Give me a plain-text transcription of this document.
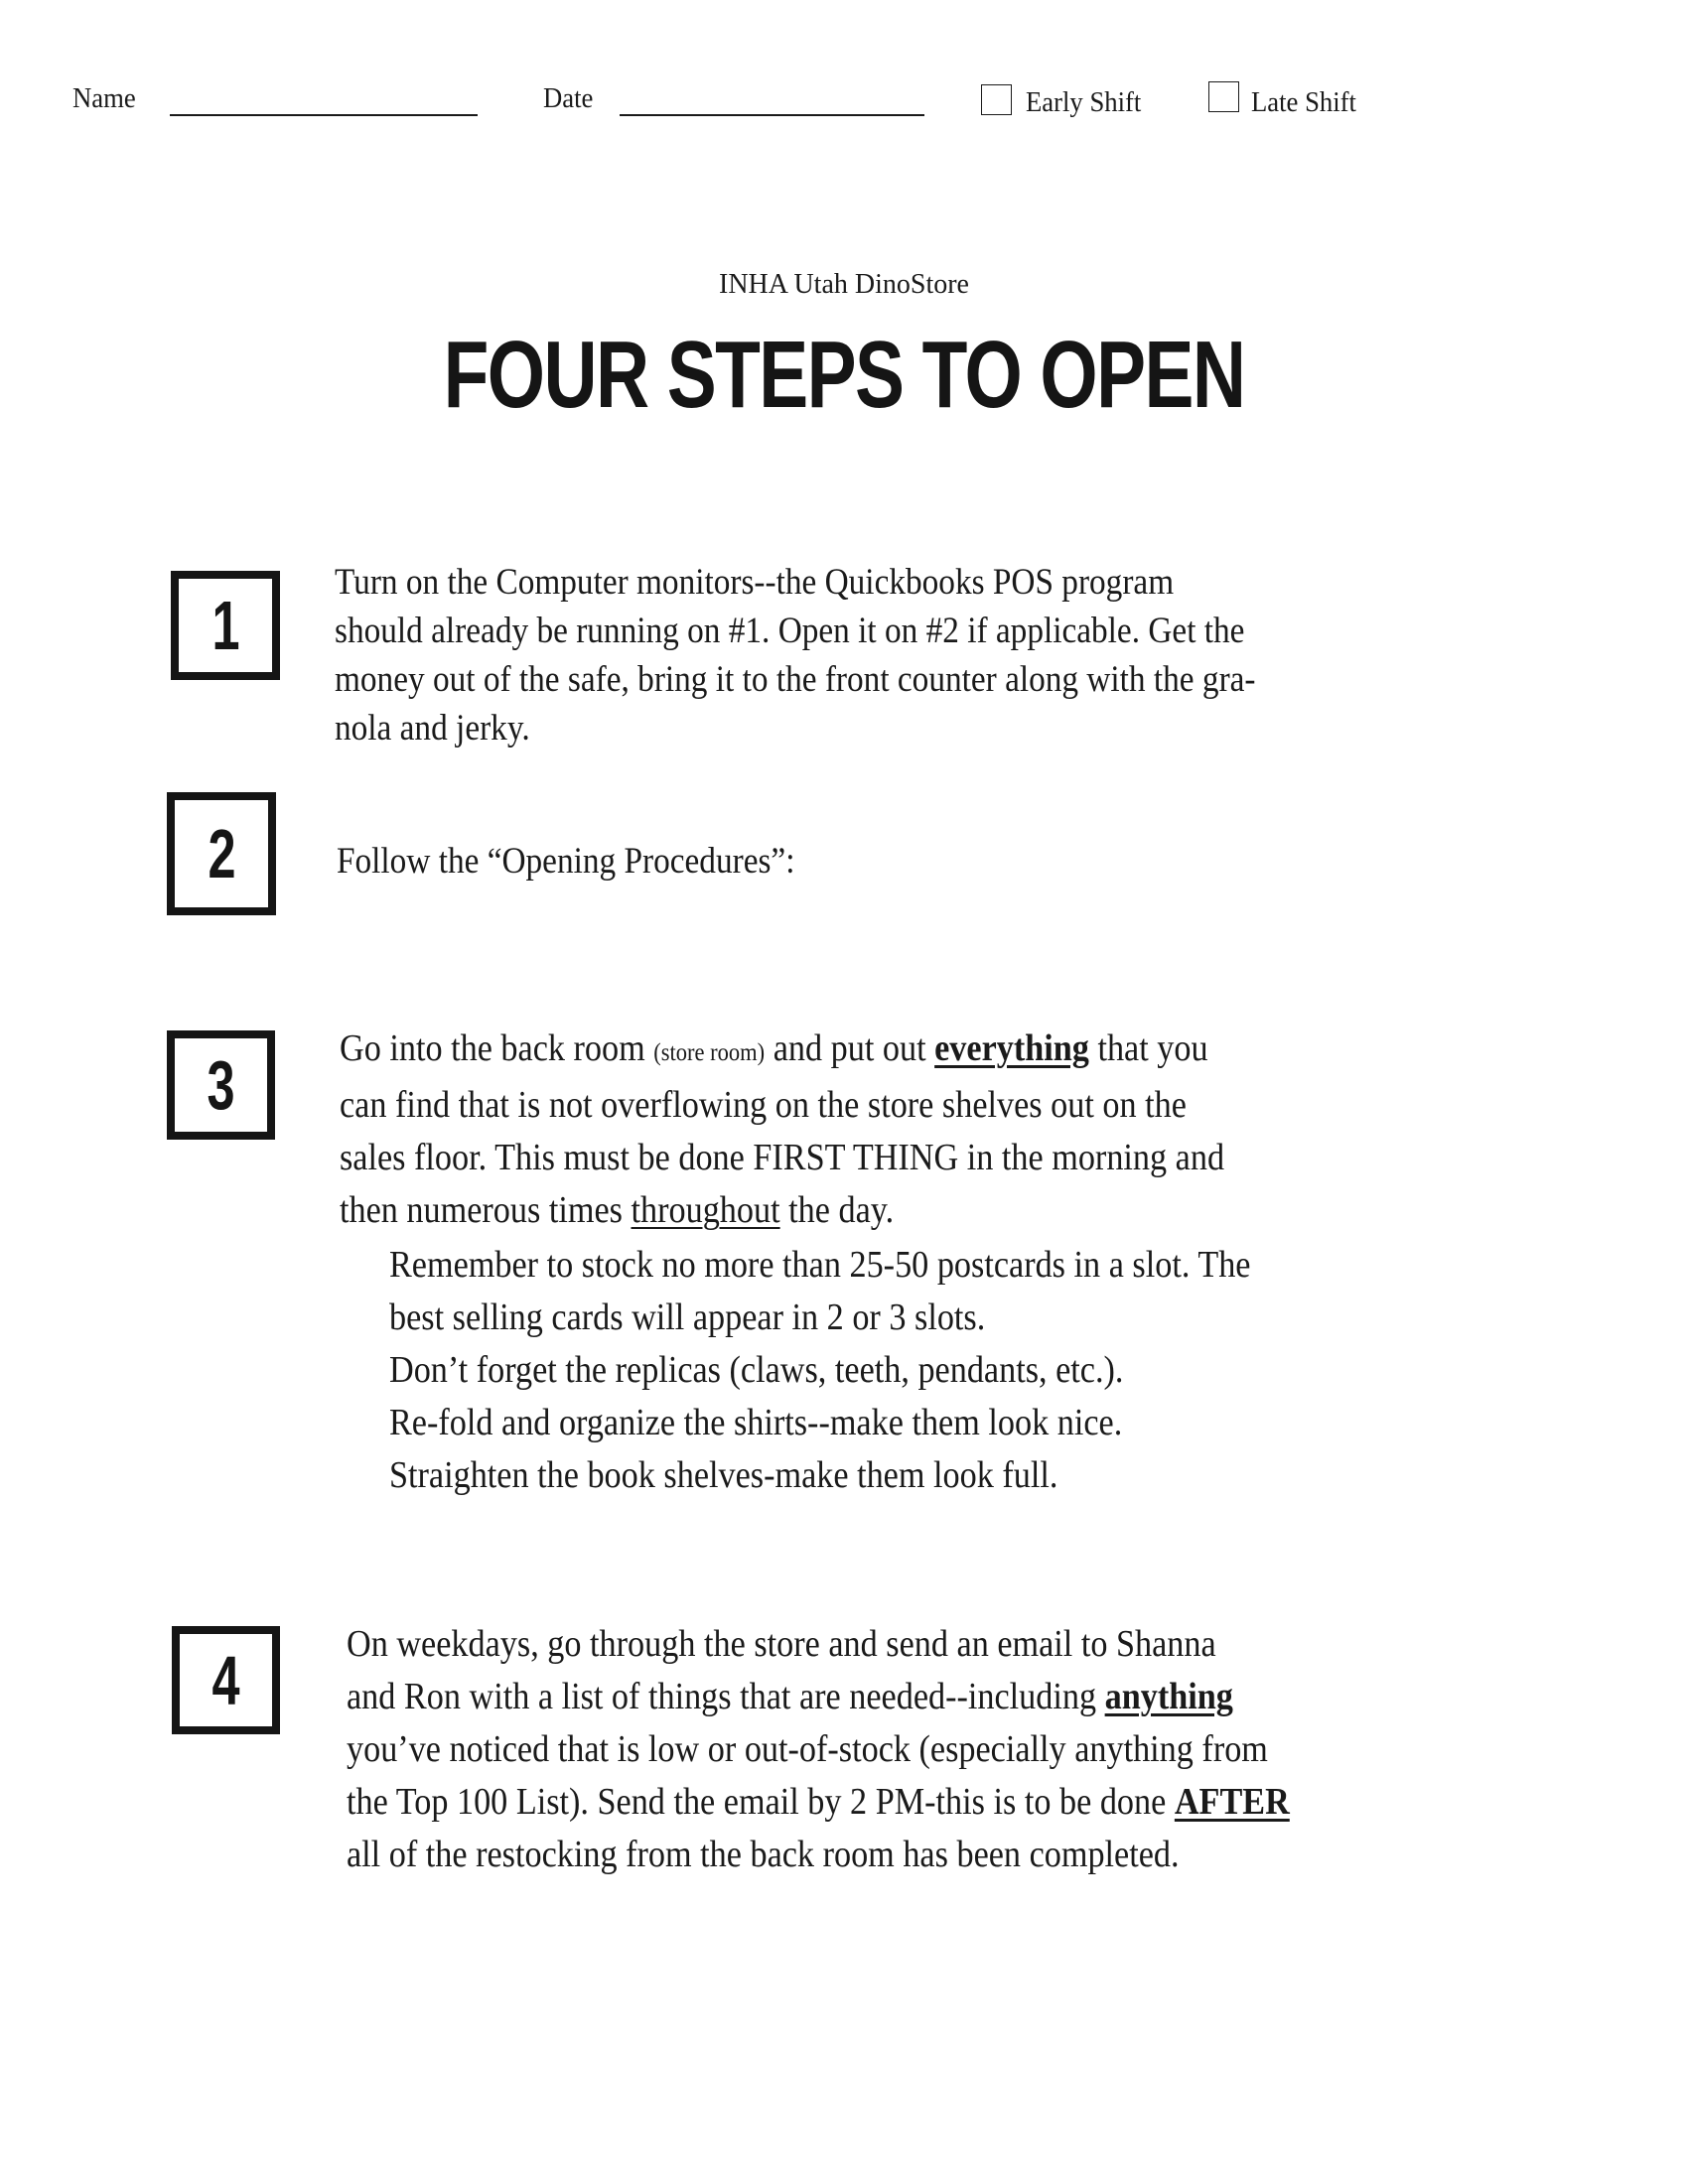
Name	Date	Early Shift	Late Shift
INHA Utah DinoStore
FOUR STEPS TO OPEN
1

Turn on the Computer monitors--the Quickbooks POS program

should already be running on #1. Open it on #2 if applicable. Get the

money out of the safe, bring it to the front counter along with the gra-

nola and jerky.

2	Follow the “Opening Procedures”:

3	Go into the back room (store room) and put out everything that you

can find that is not overflowing on the store shelves out on the

sales floor. This must be done FIRST THING in the morning and

then numerous times throughout the day.

Remember to stock no more than 25-50 postcards in a slot. The

best selling cards will appear in 2 or 3 slots.

Don’t forget the replicas (claws, teeth, pendants, etc.).

Re-fold and organize the shirts--make them look nice.

Straighten the book shelves-make them look full.

4	On weekdays, go through the store and send an email to Shanna

and Ron with a list of things that are needed--including anything

you’ve noticed that is low or out-of-stock (especially anything from

the Top 100 List). Send the email by 2 PM-this is to be done AFTER

all of the restocking from the back room has been completed.
